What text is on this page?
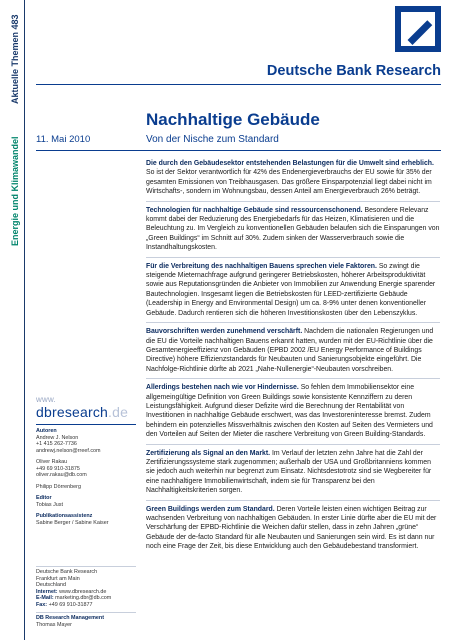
Aktuelle Themen 483
Energie und Klimawandel
Deutsche Bank Research
Nachhaltige Gebäude
11. Mai 2010	Von der Nische zum Standard

Die durch den Gebäudesektor entstehenden Belastungen für die Umwelt sind erheblich. So ist der Sektor verantwortlich für 42% des Endenergieverbrauchs der EU sowie für 35% der gesamten Emissionen von Treibhausgasen. Das größere Einsparpotenzial liegt dabei nicht im Wirtschafts-, sondern im Wohnungsbau, dessen Anteil am Energieverbrauch 26% beträgt.

Technologien für nachhaltige Gebäude sind ressourcenschonend. Besondere Relevanz kommt dabei der Reduzierung des Energiebedarfs für das Heizen, Klimatisieren und die Beleuchtung zu. Im Vergleich zu konventionellen Gebäuden belaufen sich die Einsparungen von „Green Buildings“ im Schnitt auf 30%. Zudem sinken der Wasserverbrauch sowie die Instandhaltungskosten.

Für die Verbreitung des nachhaltigen Bauens sprechen viele Faktoren. So zwingt die steigende Mieternachfrage aufgrund geringerer Betriebskosten, höherer Arbeitsproduktivität sowie aus Reputationsgründen die Anbieter von Immobilien zur Anwendung Energie sparender Bautechnologien. Insgesamt liegen die Betriebskosten für LEED-zertifizierte Gebäude (Leadership in Energy and Environmental Design) um ca. 8-9% unter denen konventioneller Gebäude. Dadurch rentieren sich die höheren Investitionskosten über den Lebenszyklus.

Bauvorschriften werden zunehmend verschärft. Nachdem die nationalen Regierungen und die EU die Vorteile nachhaltigen Bauens erkannt hatten, wurden mit der EU-Richtlinie über die Gesamtenergieeffizienz von Gebäuden (EPBD 2002 /EU Energy Performance of Buildings Directive) höhere Effizienzstandards für Neubauten und Sanierungsobjekte eingeführt. Die Nachfolge-Richtlinie dürfte ab 2021 „Nahe-Nullenergie“-Neubauten vorschreiben.

Allerdings bestehen nach wie vor Hindernisse. So fehlen dem Immobiliensektor eine allgemeingültige Definition von Green Buildings sowie konsistente Kennziffern zu deren Leistungsfähigkeit. Aufgrund dieser Defizite wird die Berechnung der Rentabilität von Investitionen in nachhaltige Gebäude erschwert, was das Investoreninteresse bremst. Zudem behindern ein potenzielles Missverhältnis zwischen den Kosten auf Seiten des Vermieters und den Vorteilen auf Seiten der Mieter die raschere Verbreitung von Green Building-Standards.

Zertifizierung als Signal an den Markt. Im Verlauf der letzten zehn Jahre hat die Zahl der Zertifizierungssysteme stark zugenommen; außerhalb der USA und Großbritanniens kommen sie jedoch auch weiterhin nur begrenzt zum Einsatz. Nichtsdestotrotz sind sie Wegbereiter für eine nachhaltigere Immobilienwirtschaft, indem sie für Transparenz bei den Nachhaltigkeitskriterien sorgen.

Green Buildings werden zum Standard. Deren Vorteile leisten einen wichtigen Beitrag zur wachsenden Verbreitung von nachhaltigen Gebäuden. In erster Linie dürfte aber die EU mit der Verschärfung der EPBD-Richtlinie die Weichen dafür stellen, dass in zehn Jahren „grüne“ Gebäude der de-facto Standard für alle Neubauten und Sanierungen sein wird. Es ist dann nur noch eine Frage der Zeit, bis diese Entwicklung auch den Gebäudebestand transformiert.

www.
dbresearch.de
Autoren
Andrew J. Nelson
+1 415 262-7736
andrewj.nelson@rreef.com
Oliver Rakau
+49 69 910-31875
oliver.rakau@db.com
Philipp Dörrenberg
Editor
Tobias Just
Publikationsassistenz
Sabine Berger / Sabine Kaiser
Deutsche Bank Research
Frankfurt am Main
Deutschland
Internet: www.dbresearch.de
E-Mail: marketing.dbr@db.com
Fax: +49 69 910-31877
DB Research Management
Thomas Mayer
